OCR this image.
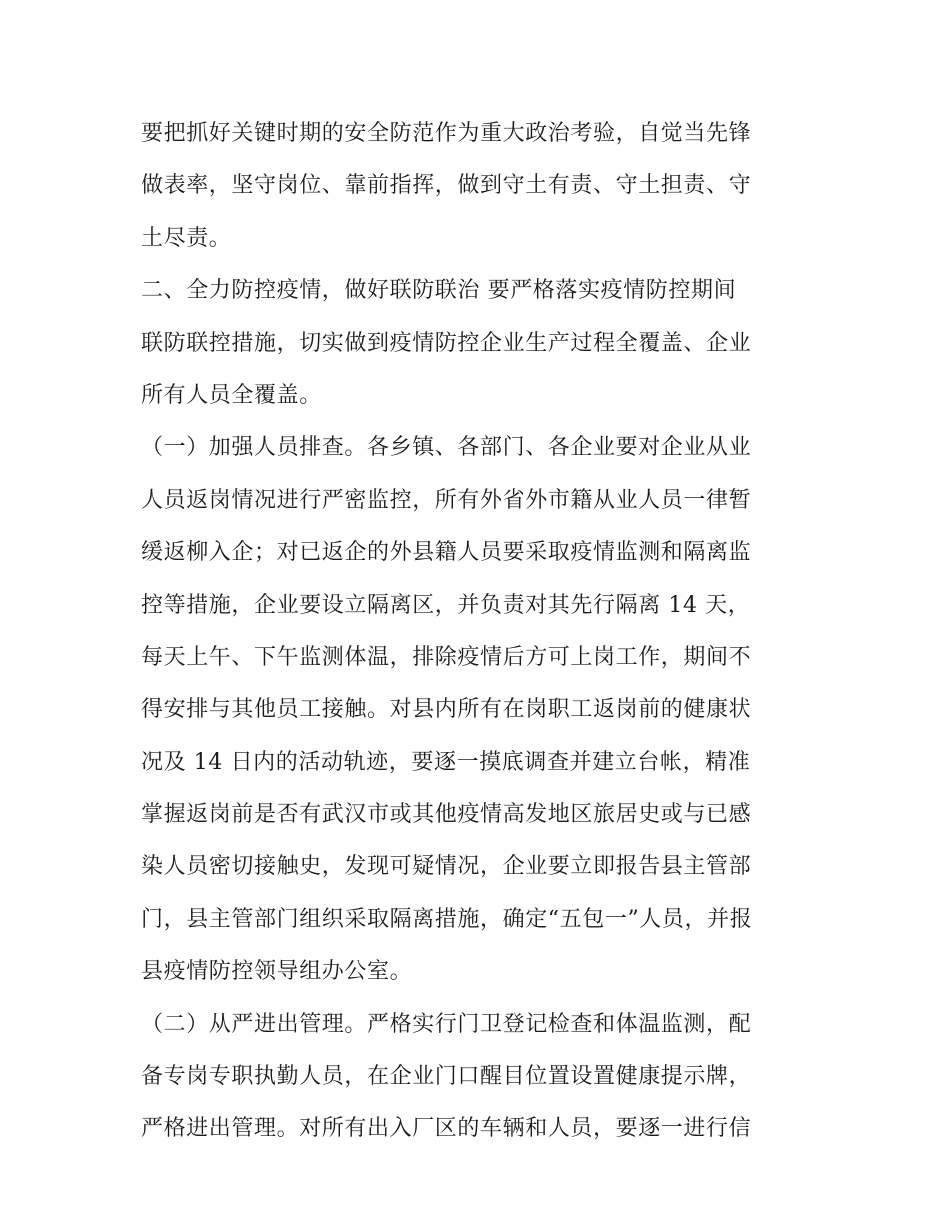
要把抓好关键时期的安全防范作为重大政治考验，自觉当先锋
做表率，坚守岗位、靠前指挥，做到守土有责、守土担责、守
土尽责。
二、全力防控疫情，做好联防联治 要严格落实疫情防控期间
联防联控措施，切实做到疫情防控企业生产过程全覆盖、企业
所有人员全覆盖。
（一）加强人员排查。各乡镇、各部门、各企业要对企业从业
人员返岗情况进行严密监控，所有外省外市籍从业人员一律暂
缓返柳入企；对已返企的外县籍人员要采取疫情监测和隔离监
控等措施，企业要设立隔离区，并负责对其先行隔离 14 天，
每天上午、下午监测体温，排除疫情后方可上岗工作，期间不
得安排与其他员工接触。对县内所有在岗职工返岗前的健康状
况及 14 日内的活动轨迹，要逐一摸底调查并建立台帐，精准
掌握返岗前是否有武汉市或其他疫情高发地区旅居史或与已感
染人员密切接触史，发现可疑情况，企业要立即报告县主管部
门，县主管部门组织采取隔离措施，确定“五包一”人员，并报
县疫情防控领导组办公室。
（二）从严进出管理。严格实行门卫登记检查和体温监测，配
备专岗专职执勤人员，在企业门口醒目位置设置健康提示牌，
严格进出管理。对所有出入厂区的车辆和人员，要逐一进行信
